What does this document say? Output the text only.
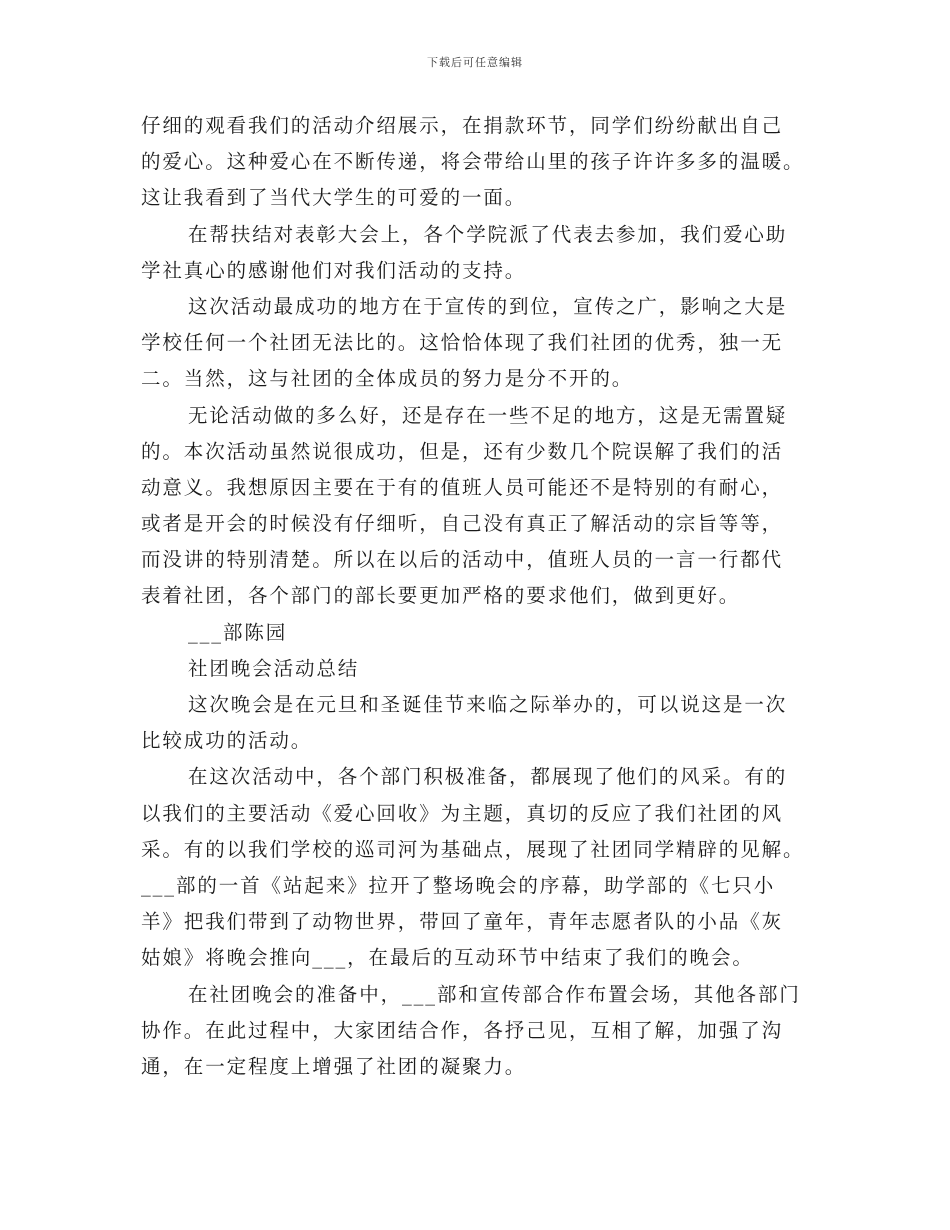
下载后可任意编辑
仔细的观看我们的活动介绍展示，在捐款环节，同学们纷纷献出自己
的爱心。这种爱心在不断传递，将会带给山里的孩子许许多多的温暖。
这让我看到了当代大学生的可爱的一面。
在帮扶结对表彰大会上，各个学院派了代表去参加，我们爱心助
学社真心的感谢他们对我们活动的支持。
这次活动最成功的地方在于宣传的到位，宣传之广，影响之大是
学校任何一个社团无法比的。这恰恰体现了我们社团的优秀，独一无
二。当然，这与社团的全体成员的努力是分不开的。
无论活动做的多么好，还是存在一些不足的地方，这是无需置疑
的。本次活动虽然说很成功，但是，还有少数几个院误解了我们的活
动意义。我想原因主要在于有的值班人员可能还不是特别的有耐心，
或者是开会的时候没有仔细听，自己没有真正了解活动的宗旨等等，
而没讲的特别清楚。所以在以后的活动中，值班人员的一言一行都代
表着社团，各个部门的部长要更加严格的要求他们，做到更好。
___部陈园
社团晚会活动总结
这次晚会是在元旦和圣诞佳节来临之际举办的，可以说这是一次
比较成功的活动。
在这次活动中，各个部门积极准备，都展现了他们的风采。有的
以我们的主要活动《爱心回收》为主题，真切的反应了我们社团的风
采。有的以我们学校的巡司河为基础点，展现了社团同学精辟的见解。
___部的一首《站起来》拉开了整场晚会的序幕，助学部的《七只小
羊》把我们带到了动物世界，带回了童年，青年志愿者队的小品《灰
姑娘》将晚会推向___，在最后的互动环节中结束了我们的晚会。
在社团晚会的准备中，___部和宣传部合作布置会场，其他各部门
协作。在此过程中，大家团结合作，各抒己见，互相了解，加强了沟
通，在一定程度上增强了社团的凝聚力。
